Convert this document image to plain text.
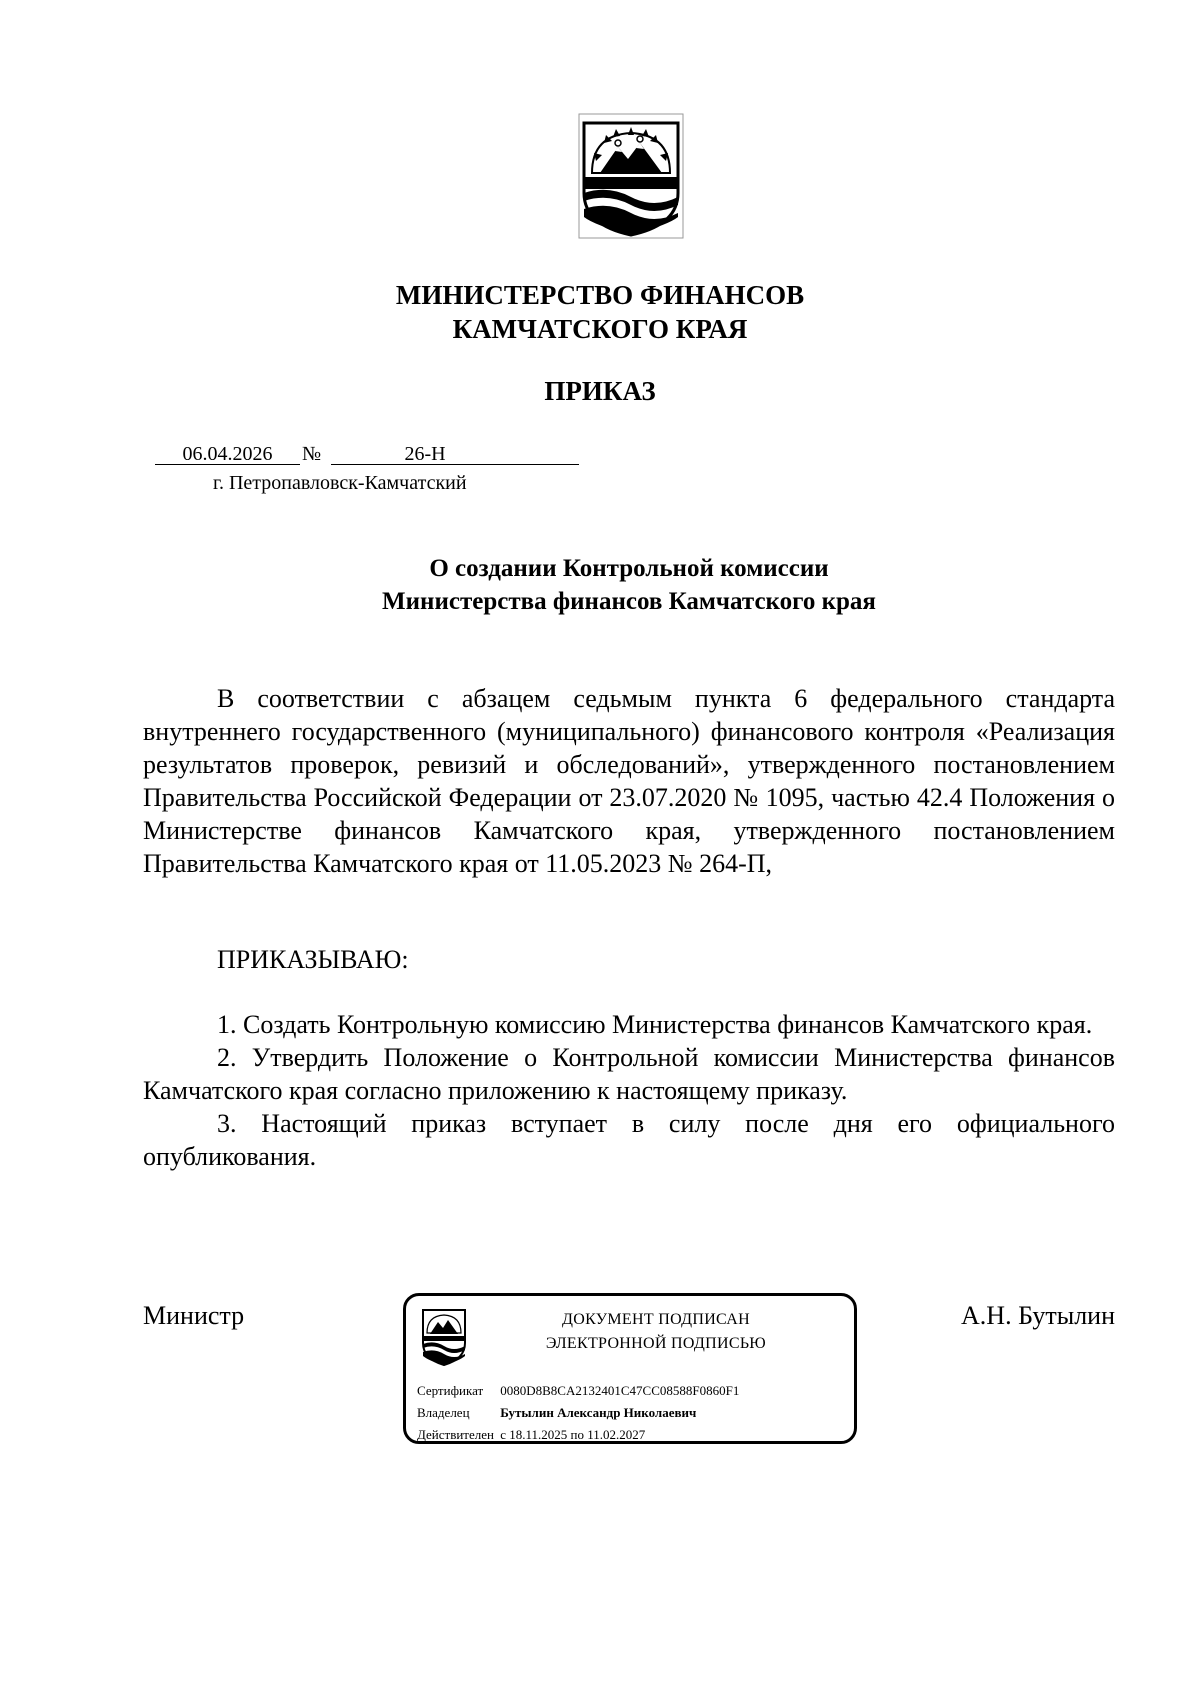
МИНИСТЕРСТВО ФИНАНСОВ
КАМЧАТСКОГО КРАЯ
ПРИКАЗ
06.04.2026	№	26-Н
г. Петропавловск-Камчатский
О создании Контрольной комиссии
Министерства финансов Камчатского края

В соответствии с абзацем седьмым пункта 6 федерального стандарта внутреннего государственного (муниципального) финансового контроля «Реализация результатов проверок, ревизий и обследований», утвержденного постановлением Правительства Российской Федерации от 23.07.2020 № 1095, частью 42.4 Положения о Министерстве финансов Камчатского края, утвержденного постановлением Правительства Камчатского края от 11.05.2023 № 264-П,

ПРИКАЗЫВАЮ:

1. Создать Контрольную комиссию Министерства финансов Камчатского края.

2. Утвердить Положение о Контрольной комиссии Министерства финансов Камчатского края согласно приложению к настоящему приказу.

3. Настоящий приказ вступает в силу после дня его официального опубликования.

Министр	А.Н. Бутылин
ДОКУМЕНТ ПОДПИСАН
ЭЛЕКТРОННОЙ ПОДПИСЬЮ
Сертификат 0080D8B8CA2132401C47CC08588F0860F1
Владелец Бутылин Александр Николаевич
Действителен с 18.11.2025 по 11.02.2027
